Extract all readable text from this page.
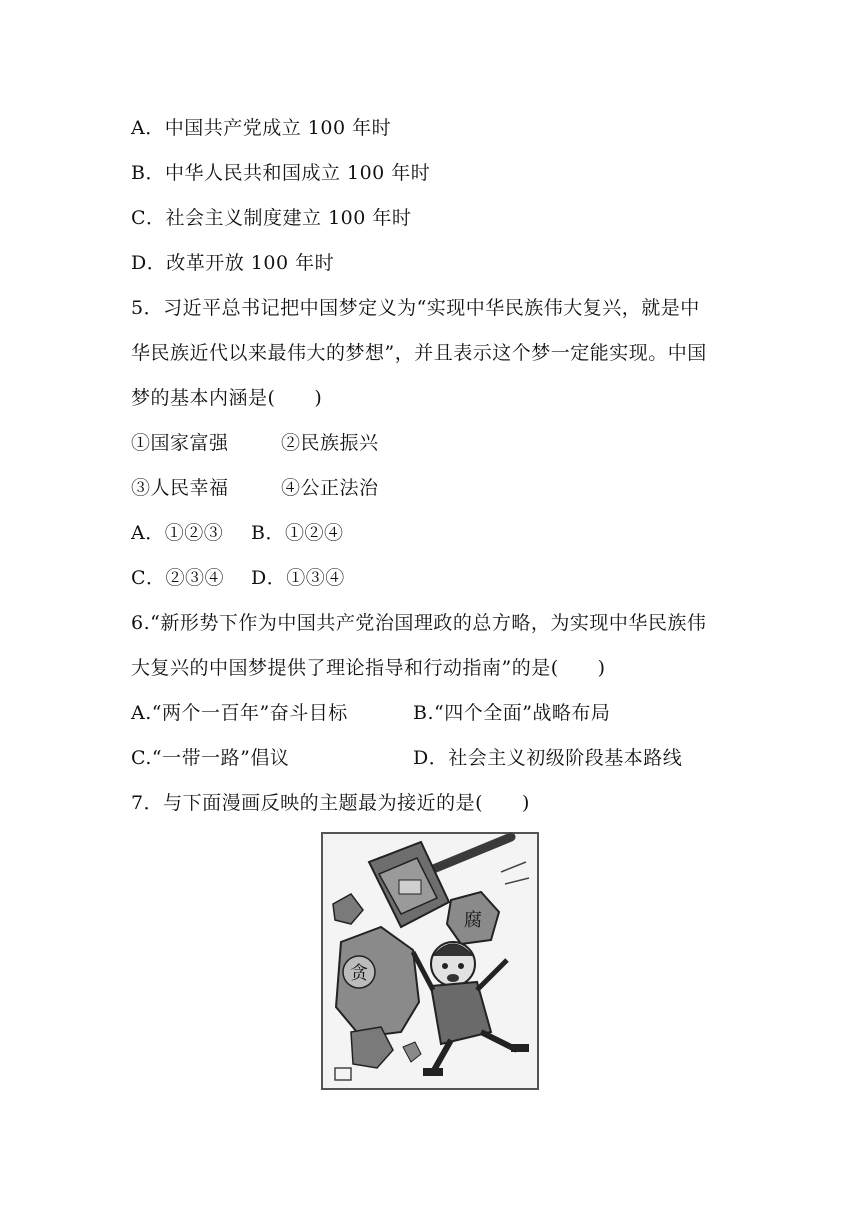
A．中国共产党成立 100 年时
B．中华人民共和国成立 100 年时
C．社会主义制度建立 100 年时
D．改革开放 100 年时
5．习近平总书记把中国梦定义为“实现中华民族伟大复兴，就是中
华民族近代以来最伟大的梦想”，并且表示这个梦一定能实现。中国
梦的基本内涵是(　　)
①国家富强	②民族振兴
③人民幸福	④公正法治
A．①②③ B．①②④
C．②③④ D．①③④
6.“新形势下作为中国共产党治国理政的总方略，为实现中华民族伟
大复兴的中国梦提供了理论指导和行动指南”的是(　　)
A.“两个一百年”奋斗目标	B.“四个全面”战略布局
C.“一带一路”倡议	D．社会主义初级阶段基本路线
7．与下面漫画反映的主题最为接近的是(　　)
贪
腐
